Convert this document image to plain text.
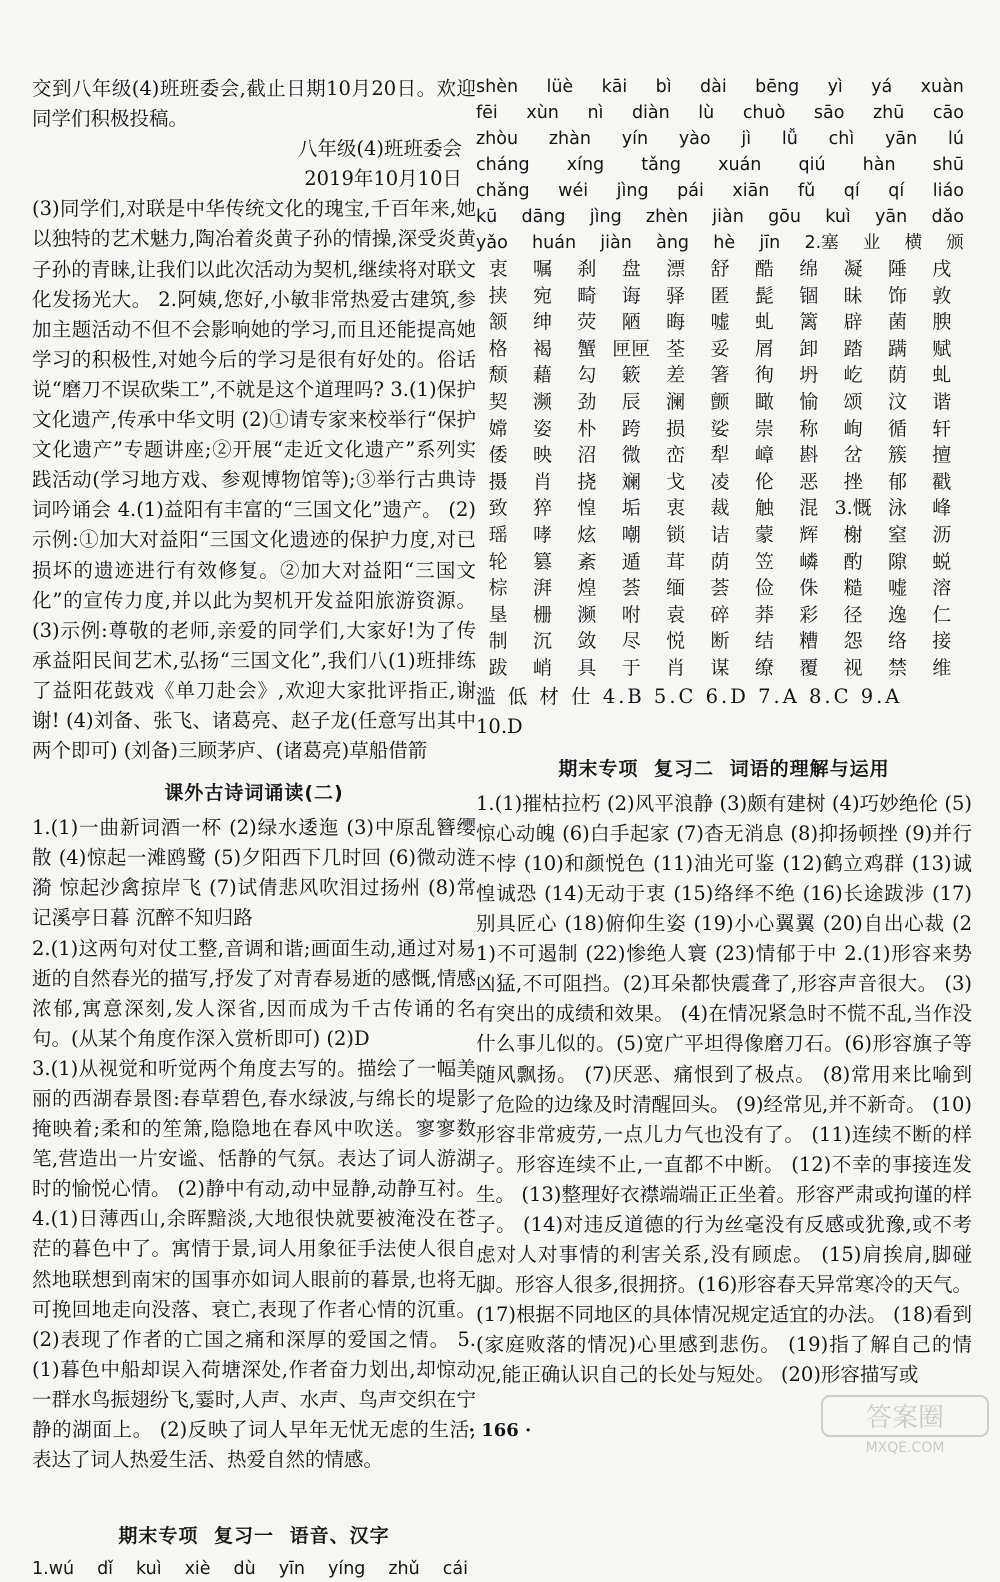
交到八年级(4)班班委会,截止日期10月20日。欢迎同学们积极投稿。

八年级(4)班班委会

2019年10月10日

(3)同学们,对联是中华传统文化的瑰宝,千百年来,她以独特的艺术魅力,陶冶着炎黄子孙的情操,深受炎黄子孙的青睐,让我们以此次活动为契机,继续将对联文化发扬光大。 2.阿姨,您好,小敏非常热爱古建筑,参加主题活动不但不会影响她的学习,而且还能提高她学习的积极性,对她今后的学习是很有好处的。俗话说“磨刀不误砍柴工”,不就是这个道理吗? 3.(1)保护文化遗产,传承中华文明 (2)①请专家来校举行“保护文化遗产”专题讲座;②开展“走近文化遗产”系列实践活动(学习地方戏、参观博物馆等);③举行古典诗词吟诵会 4.(1)益阳有丰富的“三国文化”遗产。 (2)示例:①加大对益阳“三国文化遗迹的保护力度,对已损坏的遗迹进行有效修复。②加大对益阳“三国文化”的宣传力度,并以此为契机开发益阳旅游资源。 (3)示例:尊敬的老师,亲爱的同学们,大家好!为了传承益阳民间艺术,弘扬“三国文化”,我们八(1)班排练了益阳花鼓戏《单刀赴会》,欢迎大家批评指正,谢谢! (4)刘备、张飞、诸葛亮、赵子龙(任意写出其中两个即可) (刘备)三顾茅庐、(诸葛亮)草船借箭

课外古诗词诵读(二)

1.(1)一曲新词酒一杯 (2)绿水逶迤 (3)中原乱簪缨散 (4)惊起一滩鸥鹭 (5)夕阳西下几时回 (6)微动涟漪 惊起沙禽掠岸飞 (7)试倩悲风吹泪过扬州 (8)常记溪亭日暮 沉醉不知归路

2.(1)这两句对仗工整,音调和谐;画面生动,通过对易逝的自然春光的描写,抒发了对青春易逝的感慨,情感浓郁,寓意深刻,发人深省,因而成为千古传诵的名句。(从某个角度作深入赏析即可) (2)D

3.(1)从视觉和听觉两个角度去写的。描绘了一幅美丽的西湖春景图:春草碧色,春水绿波,与绵长的堤影掩映着;柔和的笙箫,隐隐地在春风中吹送。寥寥数笔,营造出一片安谧、恬静的气氛。表达了词人游湖时的愉悦心情。 (2)静中有动,动中显静,动静互衬。 4.(1)日薄西山,余晖黯淡,大地很快就要被淹没在苍茫的暮色中了。寓情于景,词人用象征手法使人很自然地联想到南宋的国事亦如词人眼前的暮景,也将无可挽回地走向没落、衰亡,表现了作者心情的沉重。 (2)表现了作者的亡国之痛和深厚的爱国之情。 5.(1)暮色中船却误入荷塘深处,作者奋力划出,却惊动一群水鸟振翅纷飞,霎时,人声、水声、鸟声交织在宁静的湖面上。 (2)反映了词人早年无忧无虑的生活,表达了词人热爱生活、热爱自然的情感。

期末专项 复习一 语音、汉字
1.wú dǐ kuì xiè dù yīn yíng zhǔ cái
shèn lüè kāi bì dài bēng yì yá xuàn
fēi xùn nì diàn lù chuò sāo zhū cāo
zhòu zhàn yín yào jì lǚ chì yān lú
cháng xíng tǎng xuán qiú hàn shū
chǎng wéi jìng pái xiān fǔ qí qí liáo
kū dāng jìng zhèn jiàn gōu kuì yān dǎo
yǎo huán jiàn àng hè jīn 2.塞 业 横 颁
衷	嘱	刹	盘	漂	舒	酷	绵	凝	陲	戌
挟	宛	畸	诲	驿	匿	髭	锢	昧	饰	敦
颔	绅	荧	陋	晦	嘘	虬	篱	辟	菌	腴
格	褐	蟹 匣匣 荃	妥	屑	卸	踏	蹒	赋
颓	藉	勾	簌	差	箸	徇	坍	屹	荫	虬
契	濒	劲	辰	澜	颤	瞰	愉	颂	汶	谐
嫦	姿	朴	跨	损	娑	崇	称	峋	循	轩
倭	映	沼	微	峦	犁	嶂	斟	岔	簇	擅
摄	肖	挠	斓	戈	凌	伦	恶	挫	郁	戳
致	猝	惶	垢	衷	裁	触	混 3.慨 泳	峰
瑶	哮	炫	嘲	锁	诘	蒙	辉	榭	窒	沥
轮	篡	紊	遁	茸	荫	笠	嶙	酌	隙	蜕
棕	湃	煌	荟	缅	荟	俭	侏	糙	嘘	溶
垦	栅	濒	咐	袁	碎	莽	彩	径	逸	仁
制	沉	敛	尽	悦	断	结	糟	怨	络	接
跋	峭	具	于	肖	谋	缭	覆	视	禁	维

滥 低 材 仕 4.B 5.C 6.D 7.A 8.C 9.A

10.D

期末专项 复习二 词语的理解与运用

1.(1)摧枯拉朽 (2)风平浪静 (3)颇有建树 (4)巧妙绝伦 (5)惊心动魄 (6)白手起家 (7)杳无消息 (8)抑扬顿挫 (9)并行不悖 (10)和颜悦色 (11)油光可鉴 (12)鹤立鸡群 (13)诚惶诚恐 (14)无动于衷 (15)络绎不绝 (16)长途跋涉 (17)别具匠心 (18)俯仰生姿 (19)小心翼翼 (20)自出心裁 (21)不可遏制 (22)惨绝人寰 (23)情郁于中 2.(1)形容来势凶猛,不可阻挡。(2)耳朵都快震聋了,形容声音很大。 (3)有突出的成绩和效果。 (4)在情况紧急时不慌不乱,当作没什么事儿似的。(5)宽广平坦得像磨刀石。(6)形容旗子等随风飘扬。 (7)厌恶、痛恨到了极点。 (8)常用来比喻到了危险的边缘及时清醒回头。 (9)经常见,并不新奇。 (10)形容非常疲劳,一点儿力气也没有了。 (11)连续不断的样子。形容连续不止,一直都不中断。 (12)不幸的事接连发生。 (13)整理好衣襟端端正正坐着。形容严肃或拘谨的样子。 (14)对违反道德的行为丝毫没有反感或犹豫,或不考虑对人对事情的利害关系,没有顾虑。 (15)肩挨肩,脚碰脚。形容人很多,很拥挤。(16)形容春天异常寒冷的天气。 (17)根据不同地区的具体情况规定适宜的办法。 (18)看到(家庭败落的情况)心里感到悲伤。 (19)指了解自己的情况,能正确认识自己的长处与短处。 (20)形容描写或

· 166 ·	答案圈
MXQE.COM
